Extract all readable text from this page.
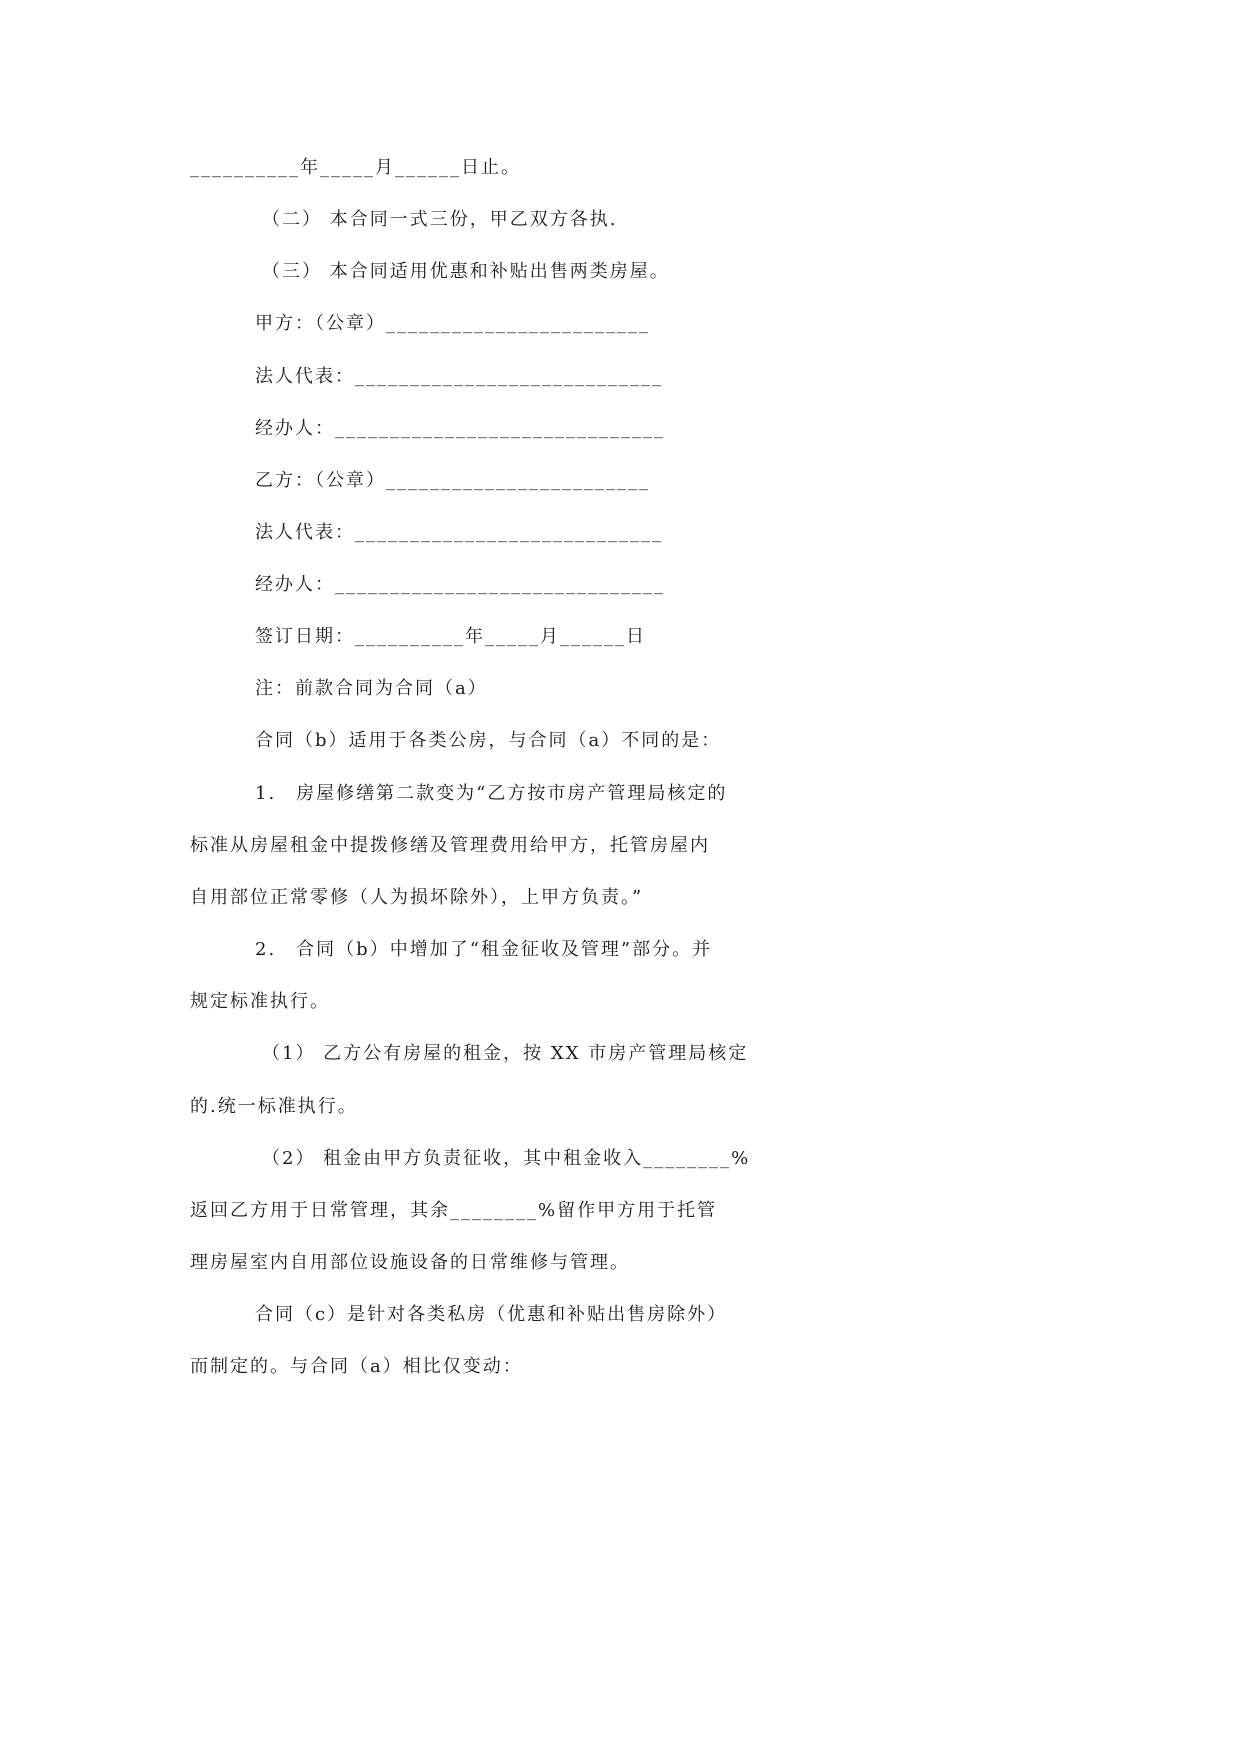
__________年_____月______日止。
（二） 本合同一式三份，甲乙双方各执.
（三） 本合同适用优惠和补贴出售两类房屋。
甲方：（公章）________________________
法人代表：____________________________
经办人：______________________________
乙方：（公章）________________________
法人代表：____________________________
经办人：______________________________
签订日期：__________年_____月______日
注：前款合同为合同（a）
合同（b）适用于各类公房，与合同（a）不同的是：
1.　房屋修缮第二款变为“乙方按市房产管理局核定的
标准从房屋租金中提拨修缮及管理费用给甲方，托管房屋内
自用部位正常零修（人为损坏除外），上甲方负责。”
2.　合同（b）中增加了“租金征收及管理”部分。并
规定标准执行。
（1） 乙方公有房屋的租金，按 XX 市房产管理局核定
的.统一标准执行。
（2） 租金由甲方负责征收，其中租金收入________%
返回乙方用于日常管理，其余________%留作甲方用于托管
理房屋室内自用部位设施设备的日常维修与管理。
合同（c）是针对各类私房（优惠和补贴出售房除外）
而制定的。与合同（a）相比仅变动：
